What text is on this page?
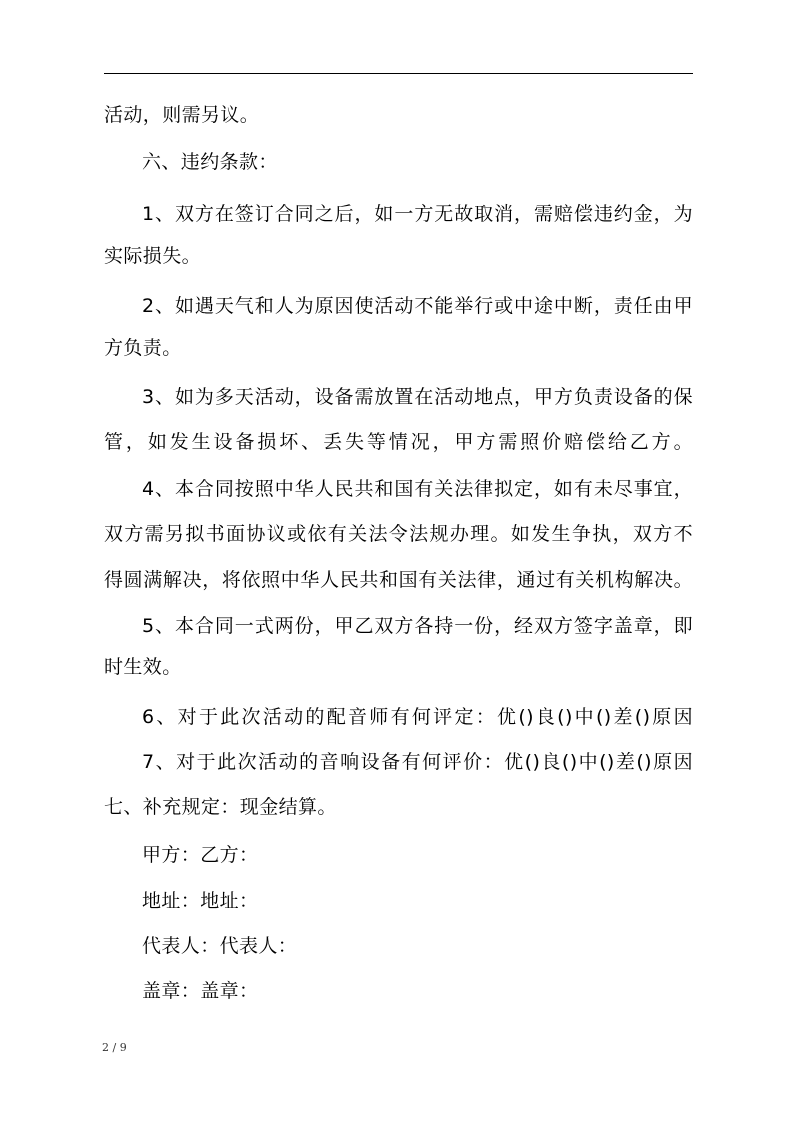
活动，则需另议。
六、违约条款：
1、双方在签订合同之后，如一方无故取消，需赔偿违约金，为
实际损失。
2、如遇天气和人为原因使活动不能举行或中途中断，责任由甲
方负责。
3、如为多天活动，设备需放置在活动地点，甲方负责设备的保
管，如发生设备损坏、丢失等情况，甲方需照价赔偿给乙方。
4、本合同按照中华人民共和国有关法律拟定，如有未尽事宜，
双方需另拟书面协议或依有关法令法规办理。如发生争执，双方不
得圆满解决，将依照中华人民共和国有关法律，通过有关机构解决。
5、本合同一式两份，甲乙双方各持一份，经双方签字盖章，即
时生效。
6、对于此次活动的配音师有何评定：优()良()中()差()原因
7、对于此次活动的音响设备有何评价：优()良()中()差()原因
七、补充规定：现金结算。
甲方：乙方：
地址：地址：
代表人：代表人：
盖章：盖章：
2 / 9
